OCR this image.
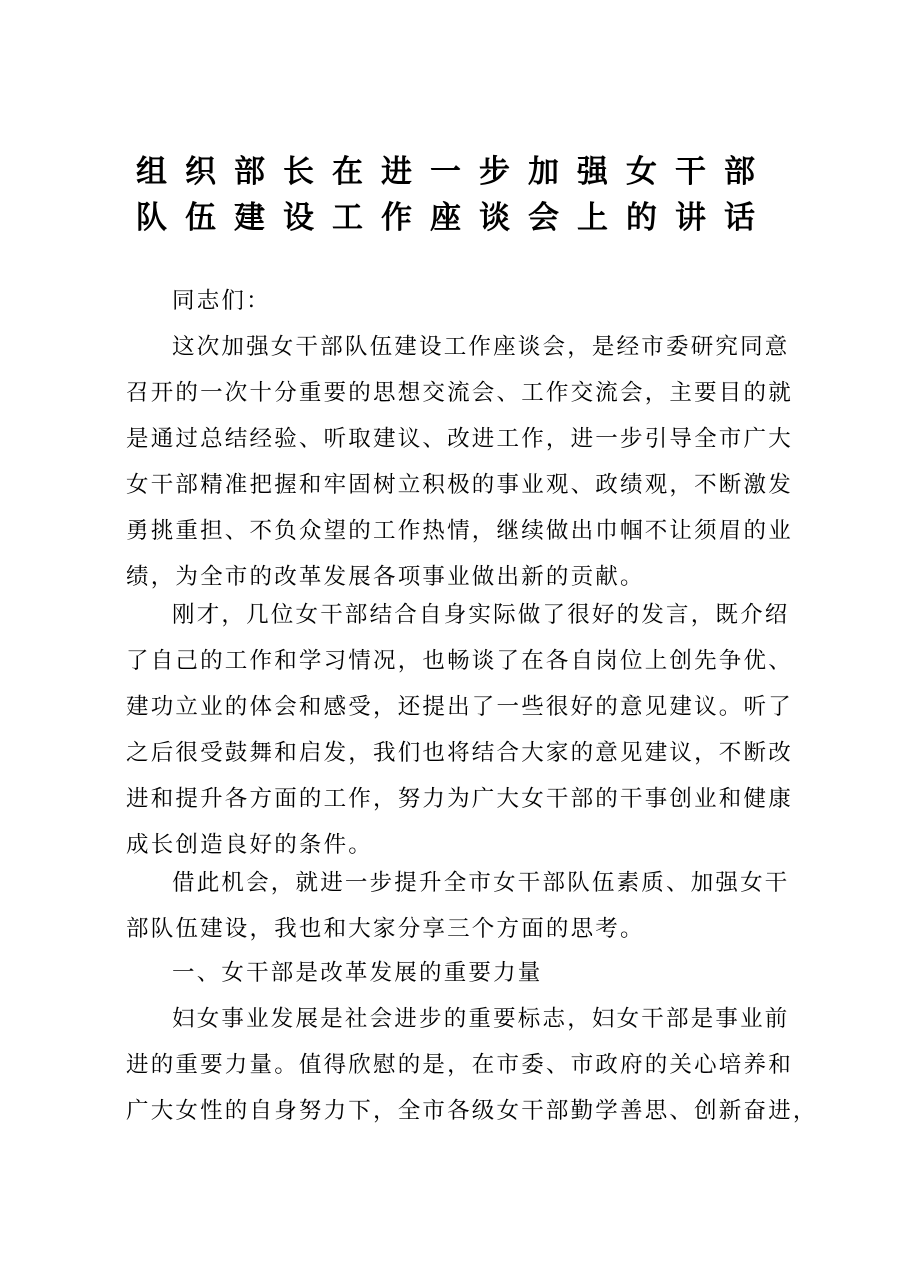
组织部长在进一步加强女干部
队伍建设工作座谈会上的讲话

同志们：

这次加强女干部队伍建设工作座谈会，是经市委研究同意

召开的一次十分重要的思想交流会、工作交流会，主要目的就

是通过总结经验、听取建议、改进工作，进一步引导全市广大

女干部精准把握和牢固树立积极的事业观、政绩观，不断激发

勇挑重担、不负众望的工作热情，继续做出巾帼不让须眉的业

绩，为全市的改革发展各项事业做出新的贡献。

刚才，几位女干部结合自身实际做了很好的发言，既介绍

了自己的工作和学习情况，也畅谈了在各自岗位上创先争优、

建功立业的体会和感受，还提出了一些很好的意见建议。听了

之后很受鼓舞和启发，我们也将结合大家的意见建议，不断改

进和提升各方面的工作，努力为广大女干部的干事创业和健康

成长创造良好的条件。

借此机会，就进一步提升全市女干部队伍素质、加强女干

部队伍建设，我也和大家分享三个方面的思考。

一、女干部是改革发展的重要力量

妇女事业发展是社会进步的重要标志，妇女干部是事业前

进的重要力量。值得欣慰的是，在市委、市政府的关心培养和

广大女性的自身努力下，全市各级女干部勤学善思、创新奋进，
